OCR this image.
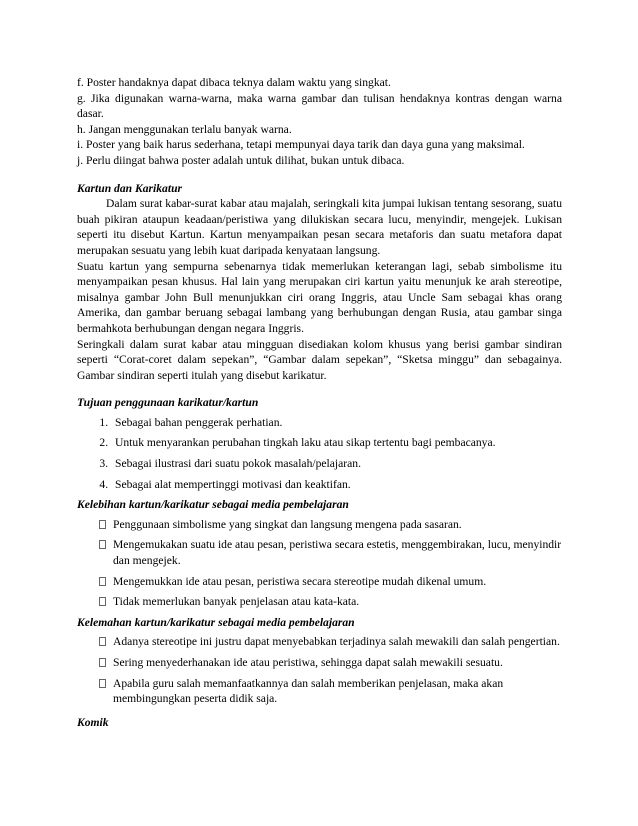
f. Poster handaknya dapat dibaca teknya dalam waktu yang singkat.

g. Jika digunakan warna-warna, maka warna gambar dan tulisan hendaknya kontras dengan warna dasar.

h. Jangan menggunakan terlalu banyak warna.

i. Poster yang baik harus sederhana, tetapi mempunyai daya tarik dan daya guna yang maksimal.

j. Perlu diingat bahwa poster adalah untuk dilihat, bukan untuk dibaca.

Kartun dan Karikatur

Dalam surat kabar-surat kabar atau majalah, seringkali kita jumpai lukisan tentang sesorang, suatu buah pikiran ataupun keadaan/peristiwa yang dilukiskan secara lucu, menyindir, mengejek. Lukisan seperti itu disebut Kartun. Kartun menyampaikan pesan secara metaforis dan suatu metafora dapat merupakan sesuatu yang lebih kuat daripada kenyataan langsung.

Suatu kartun yang sempurna sebenarnya tidak memerlukan keterangan lagi, sebab simbolisme itu menyampaikan pesan khusus. Hal lain yang merupakan ciri kartun yaitu menunjuk ke arah stereotipe, misalnya gambar John Bull menunjukkan ciri orang Inggris, atau Uncle Sam sebagai khas orang Amerika, dan gambar beruang sebagai lambang yang berhubungan dengan Rusia, atau gambar singa bermahkota berhubungan dengan negara Inggris.

Seringkali dalam surat kabar atau mingguan disediakan kolom khusus yang berisi gambar sindiran seperti “Corat-coret dalam sepekan”, “Gambar dalam sepekan”, “Sketsa minggu” dan sebagainya. Gambar sindiran seperti itulah yang disebut karikatur.

Tujuan penggunaan karikatur/kartun

1. Sebagai bahan penggerak perhatian.
2. Untuk menyarankan perubahan tingkah laku atau sikap tertentu bagi pembacanya.
3. Sebagai ilustrasi dari suatu pokok masalah/pelajaran.
4. Sebagai alat mempertinggi motivasi dan keaktifan.

Kelebihan kartun/karikatur sebagai media pembelajaran

Penggunaan simbolisme yang singkat dan langsung mengena pada sasaran.
Mengemukakan suatu ide atau pesan, peristiwa secara estetis, menggembirakan, lucu, menyindir dan mengejek.
Mengemukkan ide atau pesan, peristiwa secara stereotipe mudah dikenal umum.
Tidak memerlukan banyak penjelasan atau kata-kata.

Kelemahan kartun/karikatur sebagai media pembelajaran

Adanya stereotipe ini justru dapat menyebabkan terjadinya salah mewakili dan salah pengertian.
Sering menyederhanakan ide atau peristiwa, sehingga dapat salah mewakili sesuatu.
Apabila guru salah memanfaatkannya dan salah memberikan penjelasan, maka akan membingungkan peserta didik saja.

Komik
